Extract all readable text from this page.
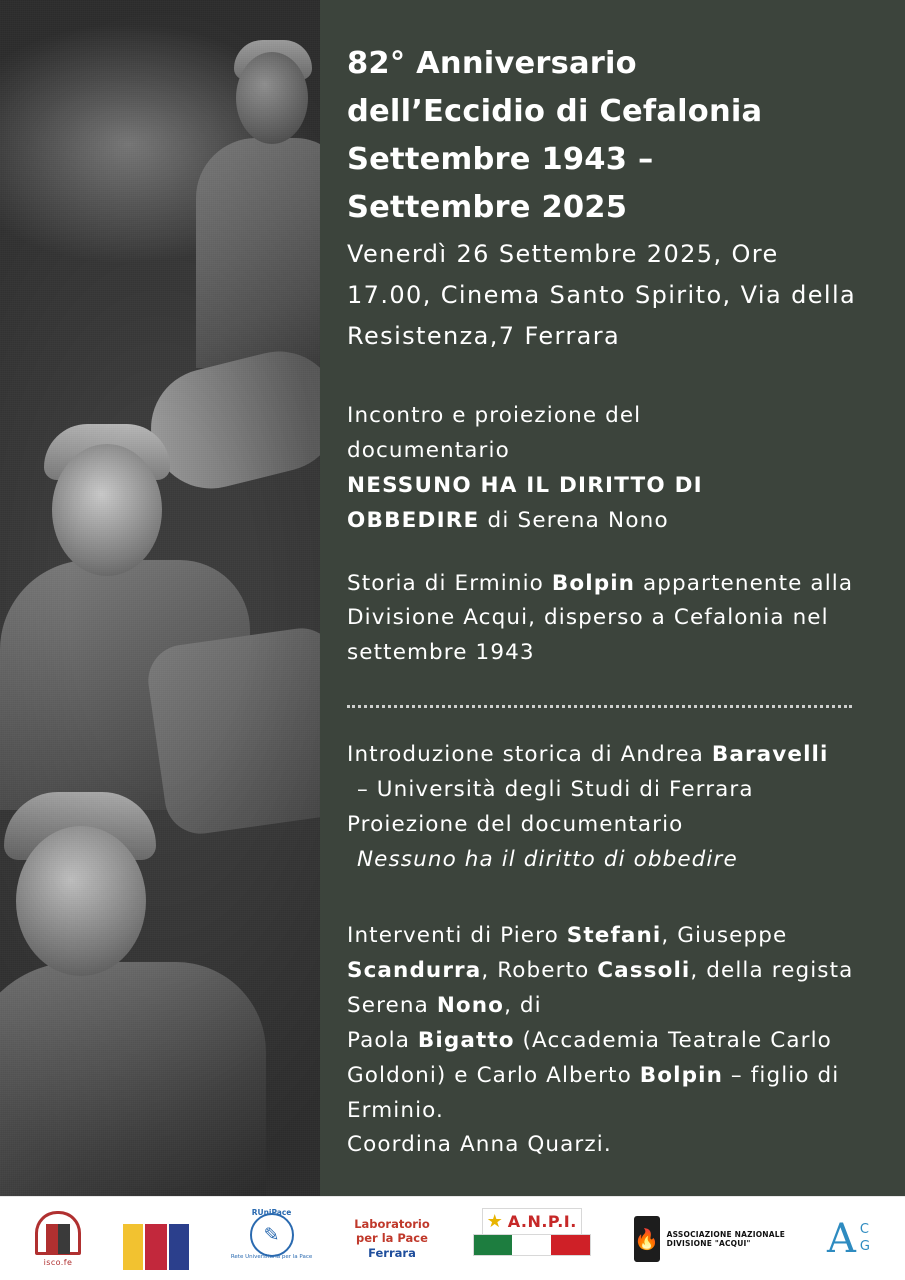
82° Anniversario
dell’Eccidio di Cefalonia
Settembre 1943 –
Settembre 2025
Venerdì 26 Settembre 2025, Ore 17.00, Cinema Santo Spirito, Via della Resistenza,7 Ferrara
Incontro e proiezione del
documentario
NESSUNO HA IL DIRITTO DI
OBBEDIRE di Serena Nono
Storia di Erminio Bolpin appartenente alla Divisione Acqui, disperso a Cefalonia nel settembre 1943
Introduzione storica di Andrea Baravelli
– Università degli Studi di Ferrara
Proiezione del documentario
Nessuno ha il diritto di obbedire
Interventi di Piero Stefani, Giuseppe Scandurra, Roberto Cassoli, della regista Serena Nono, di
Paola Bigatto (Accademia Teatrale Carlo Goldoni) e Carlo Alberto Bolpin – figlio di Erminio.
Coordina Anna Quarzi.
isco.fe
RUniPace
✎
Rete Universitaria per la Pace
Laboratorio
per la Pace
Ferrara
★ A.N.P.I.
🔥 ASSOCIAZIONE NAZIONALE
DIVISIONE "ACQUI"	A C
G
